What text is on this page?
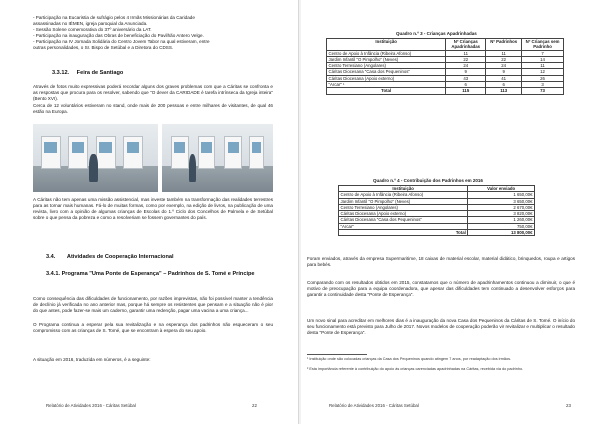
- Participação na Eucaristia de sufrágio pelos 4 Irmãs Missionárias da Caridade
assassinadas no IÉMEN, igreja paroquial da Anunciada.
- Sessão Solene comemorativa do 37º aniversário da LAT.
- Participação na inauguração das Obras de beneficiação do Pavilhão Antero Velge.
- Participação na IV Jornada Solidária do Centro Jovem Tabor na qual estiveram, entre
outras personalidades, o Sr. Bispo de Setúbal e a Diretora do CDSS.
3.3.12. Feira de Santiago
Através de fotos muito expressivas poderá recordar alguns dos graves problemas com que a Cáritas se confronta e as respostas que procura para os resolver, sabendo que "O dever da CARIDADE é tarefa intrínseca da Igreja inteira" (Bento XVI).
Cerca de 12 voluntários estiveram no stand, onde mais de 200 pessoas e entre milhares de visitantes, de qual 46 estão na Europa.
A Cáritas não tem apenas uma missão assistencial, mas investe também na transformação das realidades terrestres para as tornar mais humanas. Fá-lo de muitas formas, como por exemplo, na edição de livros, na publicação de uma revista, livro com a opinião de algumas crianças de Escolas do 1.º Ciclo dos Concelhos de Palmela e de Setúbal sobre o que pensa da pobreza e como a resolveriam se fossem governantes do país.
3.4. Atividades de Cooperação Internacional
3.4.1. Programa "Uma Ponte de Esperança" – Padrinhos de S. Tomé e Príncipe
Como consequência das dificuldades de funcionamento, por razões imprevistas, não foi possível manter a tendência de declínio já verificada no ano anterior mas, porque há sempre os resistentes que pensam e a situação não é pior do que antes, pode fazer-se mais um caderno, garantir uma redenção, pagar uma vacina a uma criança...
O Programa continua a esperar pela sua revitalização e na esperança dos padrinhos não esqueceram o seu compromisso com as crianças de S. Tomé, que se encontram à espera do seu apoio.
A situação em 2016, traduzida em números, é a seguinte:
Relatório de Atividades 2016 - Cáritas Setúbal	22
Quadro n.º 3 - Crianças Apadrinhadas
Instituição	Nº Crianças Apadrinhadas	Nº Padrinhos	Nº Crianças sem Padrinho
Centro de Apoio à Infância (Ribeira Afonso)	11	11	7
Jardim Infantil "O Pimpolho" (Neves)	22	22	14
Centro Terresiano (Angolares)	24	24	11
Cáritas Diocesana "Casa dos Pequeninos"	9	9	12
Cáritas Diocesana (Apoio externo)	43	41	26
"Arcar" ¹	6	6	3
Total	115	113	73
Quadro n.º 4 - Contribuição dos Padrinhos em 2016
Instituição	Valor enviado
Centro de Apoio à Infância (Ribeira Afonso)	1 650,00€
Jardim Infantil "O Pimpolho" (Neves)	3 650,00€
Centro Terresiano (Angolares)	2 670,00€
Cáritas Diocesana (Apoio externo)	3 820,00€
Cáritas Diocesana "Casa dos Pequeninos"	1 260,00€
"Arcar"	750,00€
Total	13 800,00€
Foram enviados, através da empresa Supermaritime, 18 caixas de material escolar, material didático, brinquedos, roupa e artigos para bebés.
Comparando com os resultados obtidos em 2015, constatamos que o número de apadrinhamentos continuou a diminuir, o que é motivo de preocupação para a equipa coordenadora, que apesar das dificuldades tem continuado a desenvolver esforços para garantir a continuidade desta "Ponte de Esperança".
Um novo sinal para acreditar em melhores dias é a inauguração da nova Casa dos Pequeninos da Cáritas de S. Tomé. O início do seu funcionamento está previsto para Julho de 2017. Novos modelos de cooperação poderão vir revitalizar e multiplicar o resultado desta "Ponte de Esperança".
¹ Instituição onde são colocadas crianças da Casa dos Pequeninos quando atingem 7 anos, por readaptação dos irmãos.
² Esta importância referente à contribuição do apoio às crianças carenciadas apadrinhadas na Cáritas, recebida via do padrinho.
Relatório de Atividades 2016 - Cáritas Setúbal	23
